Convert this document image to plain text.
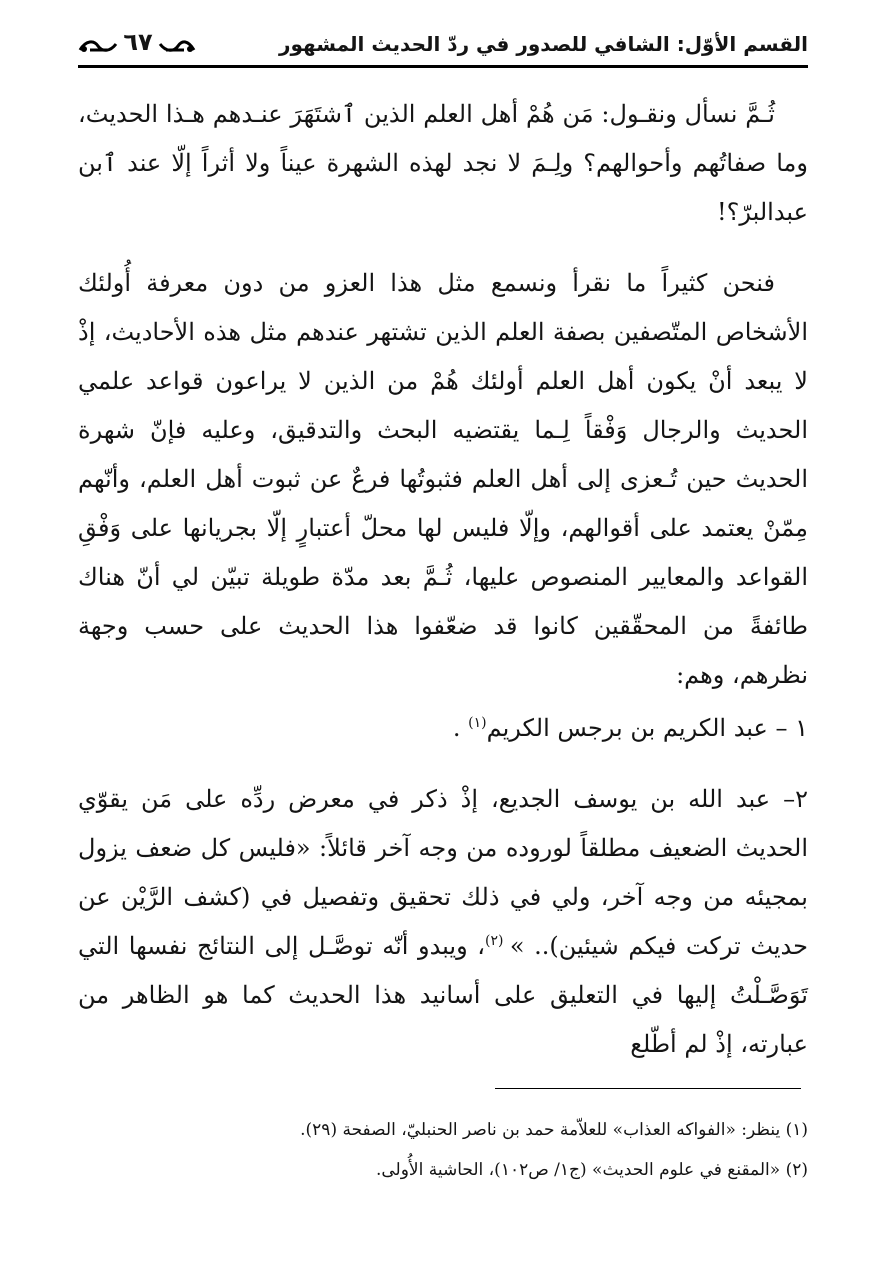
القسم الأوّل: الشافي للصدور في ردّ الحديث المشهور
٦٧

ثُـمَّ نسأل ونقـول: مَن هُمْ أهل العلم الذين ٱشتَهَرَ عنـدهم هـذا الحديث، وما صفاتُهم وأحوالهم؟ ولِـمَ لا نجد لهذه الشهرة عيناً ولا أثراً إلّا عند ٱبن عبدالبرّ؟!

فنحن كثيراً ما نقرأ ونسمع مثل هذا العزو من دون معرفة أُولئك الأشخاص المتّصفين بصفة العلم الذين تشتهر عندهم مثل هذه الأحاديث، إذْ لا يبعد أنْ يكون أهل العلم أولئك هُمْ من الذين لا يراعون قواعد علمي الحديث والرجال وَفْقاً لِـما يقتضيه البحث والتدقيق، وعليه فإنّ شهرة الحديث حين تُـعزى إلى أهل العلم فثبوتُها فرعٌ عن ثبوت أهل العلم، وأنّهم مِمّنْ يعتمد على أقوالهم، وإلّا فليس لها محلّ أعتبارٍ إلّا بجريانها على وَفْقِ القواعد والمعايير المنصوص عليها، ثُـمَّ بعد مدّة طويلة تبيّن لي أنّ هناك طائفةً من المحقّقين كانوا قد ضعّفوا هذا الحديث على حسب وجهة نظرهم، وهم:

١ – عبد الكريم بن برجس الكريم$^{(١)}$ .

٢– عبد الله بن يوسف الجديع، إذْ ذكر في معرض ردِّه على مَن يقوّي الحديث الضعيف مطلقاً لوروده من وجه آخر قائلاً: «فليس كل ضعف يزول بمجيئه من وجه آخر، ولي في ذلك تحقيق وتفصيل في (كشف الرَّيْن عن حديث تركت فيكم شيئين).. » $^{(٢)}$، ويبدو أنّه توصَّـل إلى النتائج نفسها التي تَوَصَّـلْتُ إليها في التعليق على أسانيد هذا الحديث كما هو الظاهر من عبارته، إذْ لم أطّلع

(١) ينظر: «الفواكه العذاب» للعلاّمة حمد بن ناصر الحنبليّ، الصفحة (٢٩).

(٢) «المقنع في علوم الحديث» (ج١/ ص١٠٢)، الحاشية الأُولى.
